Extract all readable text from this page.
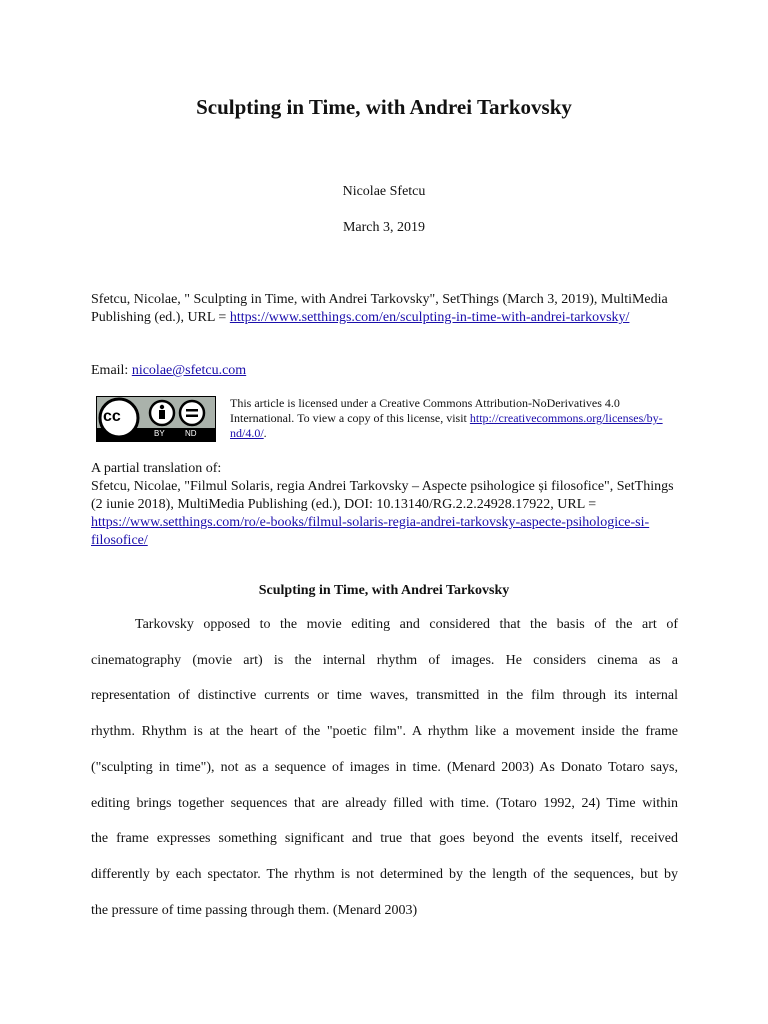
Sculpting in Time, with Andrei Tarkovsky
Nicolae Sfetcu
March 3, 2019

Sfetcu, Nicolae, " Sculpting in Time, with Andrei Tarkovsky", SetThings (March 3, 2019), MultiMedia Publishing (ed.), URL = https://www.setthings.com/en/sculpting-in-time-with-andrei-tarkovsky/

Email: nicolae@sfetcu.com
cc
BY	ND
This article is licensed under a Creative Commons Attribution-NoDerivatives 4.0 International. To view a copy of this license, visit http://creativecommons.org/licenses/by-nd/4.0/.

A partial translation of:

Sfetcu, Nicolae, "Filmul Solaris, regia Andrei Tarkovsky – Aspecte psihologice și filosofice", SetThings (2 iunie 2018), MultiMedia Publishing (ed.), DOI: 10.13140/RG.2.2.24928.17922, URL = https://www.setthings.com/ro/e-books/filmul-solaris-regia-andrei-tarkovsky-aspecte-psihologice-si-filosofice/

Sculpting in Time, with Andrei Tarkovsky
Tarkovsky opposed to the movie editing and considered that the basis of the art of
cinematography (movie art) is the internal rhythm of images. He considers cinema as a
representation of distinctive currents or time waves, transmitted in the film through its internal
rhythm. Rhythm is at the heart of the "poetic film". A rhythm like a movement inside the frame
("sculpting in time"), not as a sequence of images in time. (Menard 2003) As Donato Totaro says,
editing brings together sequences that are already filled with time. (Totaro 1992, 24) Time within
the frame expresses something significant and true that goes beyond the events itself, received
differently by each spectator. The rhythm is not determined by the length of the sequences, but by
the pressure of time passing through them. (Menard 2003)
